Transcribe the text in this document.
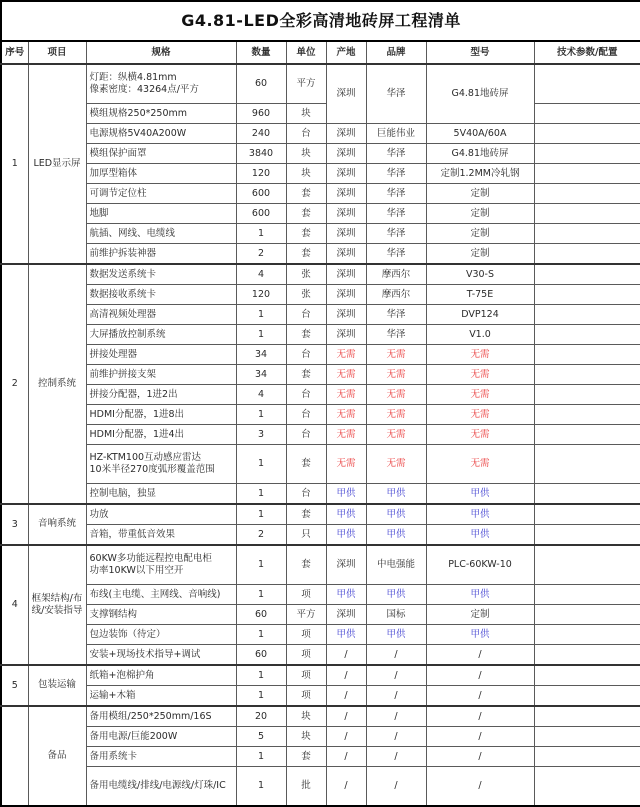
G4.81-LED全彩高清地砖屏工程清单								
序号	项目	规格	数量	单位	产地	品牌	型号	技术参数/配置
1	LED显示屏	灯距：纵横4.81mm
像素密度：43264点/平方	60	平方	深圳	华泽	G4.81地砖屏	
		模组规格250*250mm	960	块				
		电源规格5V40A200W	240	台	深圳	巨能伟业	5V40A/60A	
		模组保护面罩	3840	块	深圳	华泽	G4.81地砖屏	
		加厚型箱体	120	块	深圳	华泽	定制1.2MM冷轧钢	
		可调节定位柱	600	套	深圳	华泽	定制	
		地脚	600	套	深圳	华泽	定制	
		航插、网线、电缆线	1	套	深圳	华泽	定制	
		前维护拆装神器	2	套	深圳	华泽	定制	
2	控制系统	数据发送系统卡	4	张	深圳	摩西尔	V30-S	
		数据接收系统卡	120	张	深圳	摩西尔	T-75E	
		高清视频处理器	1	台	深圳	华泽	DVP124	
		大屏播放控制系统	1	套	深圳	华泽	V1.0	
		拼接处理器	34	台	无需	无需	无需	
		前维护拼接支架	34	套	无需	无需	无需	
		拼接分配器，1进2出	4	台	无需	无需	无需	
		HDMI分配器，1进8出	1	台	无需	无需	无需	
		HDMI分配器，1进4出	3	台	无需	无需	无需	
		HZ-KTM100互动感应雷达
10米半径270度弧形覆盖范围	1	套	无需	无需	无需	
		控制电脑，独显	1	台	甲供	甲供	甲供	
3	音响系统	功放	1	套	甲供	甲供	甲供	
		音箱，带重低音效果	2	只	甲供	甲供	甲供	
4	框架结构/布线/安装指导	60KW多功能远程控电配电柜
功率10KW以下用空开	1	套	深圳	中电强能	PLC-60KW-10	
		布线(主电缆、主网线、音响线)	1	项	甲供	甲供	甲供	
		支撑钢结构	60	平方	深圳	国标	定制	
		包边装饰（待定）	1	项	甲供	甲供	甲供	
		安装+现场技术指导+调试	60	项	/	/	/	
5	包装运输	纸箱+泡棉护角	1	项	/	/	/	
		运输+木箱	1	项	/	/	/	
	备品	备用模组/250*250mm/16S	20	块	/	/	/	
		备用电源/巨能200W	5	块	/	/	/	
		备用系统卡	1	套	/	/	/	
		备用电缆线/排线/电源线/灯珠/IC	1	批	/	/	/	
